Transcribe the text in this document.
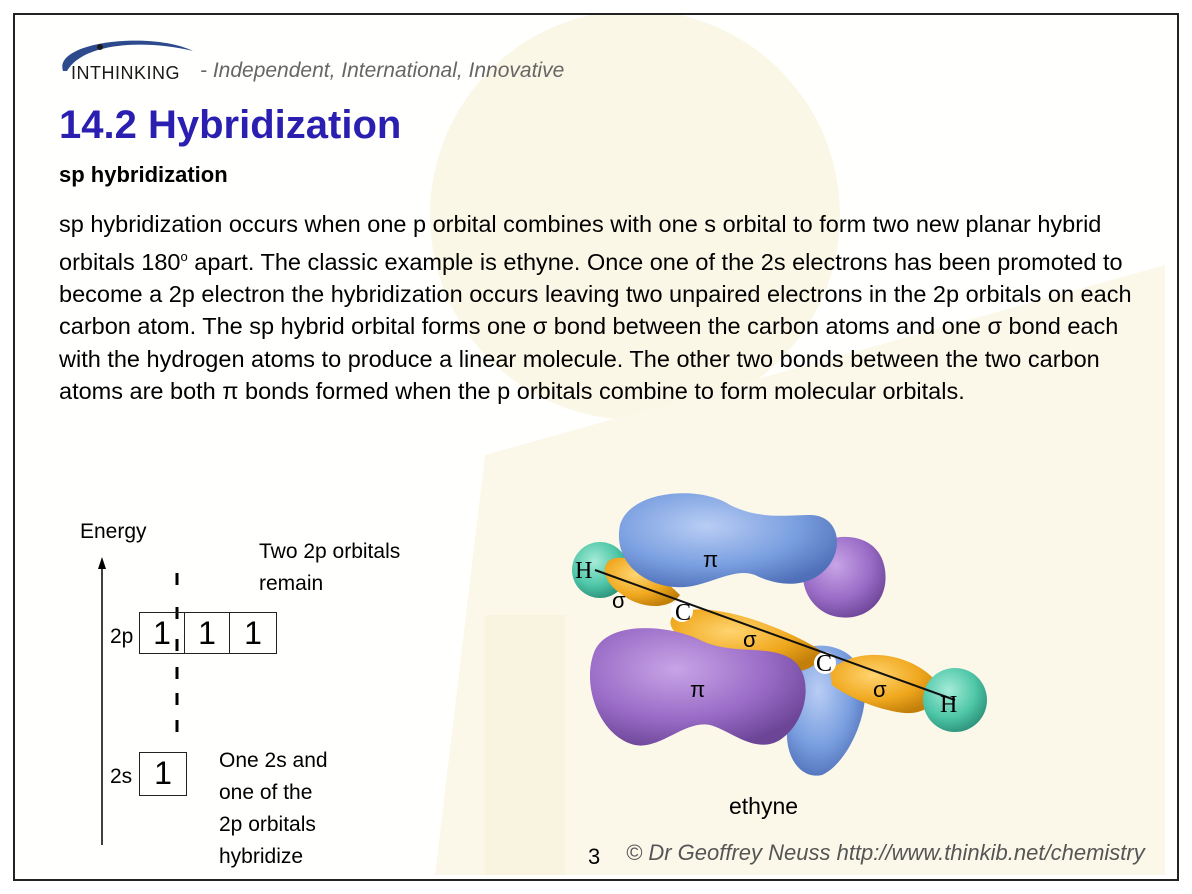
INTHINKING - Independent, International, Innovative
14.2 Hybridization
sp hybridization
sp hybridization occurs when one p orbital combines with one s orbital to form two new planar hybrid orbitals 180$^o$ apart. The classic example is ethyne. Once one of the 2s electrons has been promoted to become a 2p electron the hybridization occurs leaving two unpaired electrons in the 2p orbitals on each carbon atom. The sp hybrid orbital forms one σ bond between the carbon atoms and one σ bond each with the hydrogen atoms to produce a linear molecule. The other two bonds between the two carbon atoms are both π bonds formed when the p orbitals combine to form molecular orbitals.
Energy
2p 1 1 1
2s 1
Two 2p orbitals
remain
One 2s and
one of the
2p orbitals
hybridize
H
H
C
C
π
π
σ
σ
σ
ethyne
3 © Dr Geoffrey Neuss http://www.thinkib.net/chemistry
